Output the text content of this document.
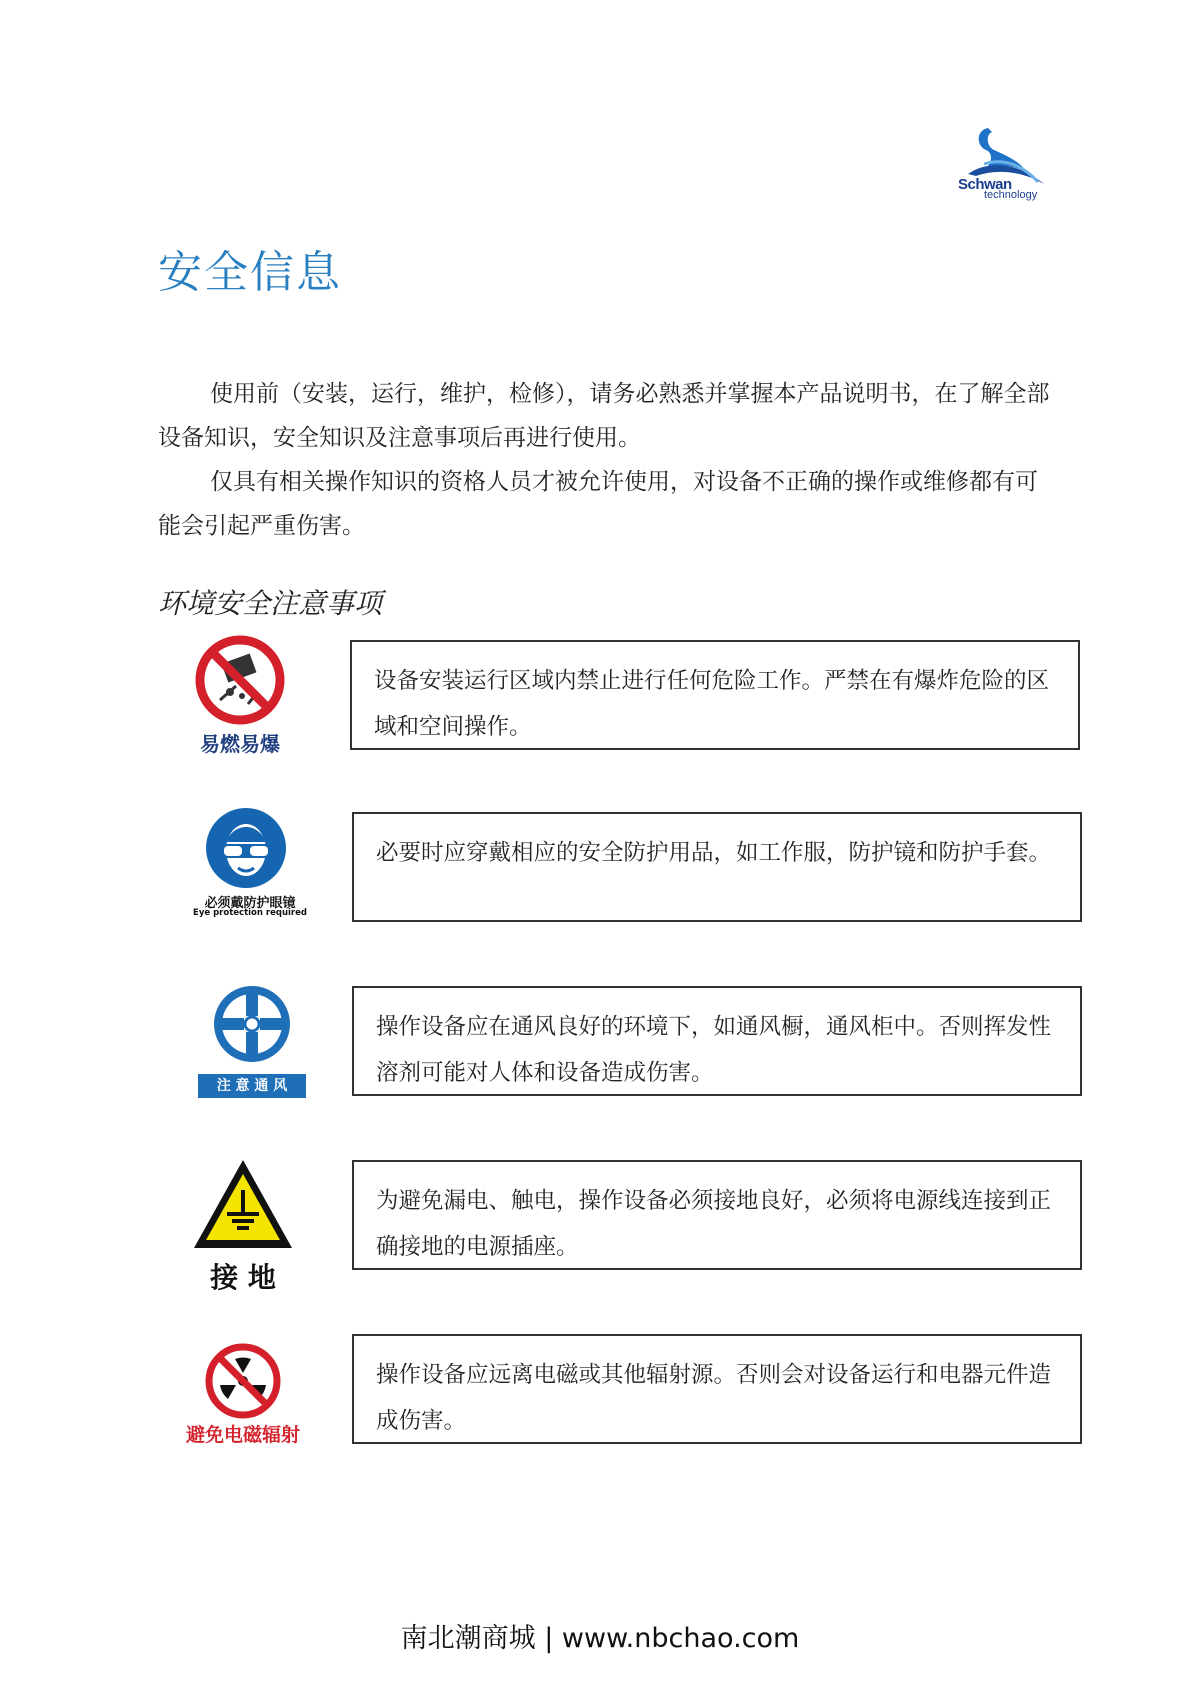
Schwan
technology
安全信息

使用前（安装，运行，维护，检修），请务必熟悉并掌握本产品说明书，在了解全部设备知识，安全知识及注意事项后再进行使用。

仅具有相关操作知识的资格人员才被允许使用，对设备不正确的操作或维修都有可能会引起严重伤害。

环境安全注意事项
易燃易爆
设备安装运行区域内禁止进行任何危险工作。严禁在有爆炸危险的区域和空间操作。
必须戴防护眼镜
Eye protection required
必要时应穿戴相应的安全防护用品，如工作服，防护镜和防护手套。
注 意 通 风
操作设备应在通风良好的环境下，如通风橱，通风柜中。否则挥发性溶剂可能对人体和设备造成伤害。
接 地
为避免漏电、触电，操作设备必须接地良好，必须将电源线连接到正确接地的电源插座。
避免电磁辐射
操作设备应远离电磁或其他辐射源。否则会对设备运行和电器元件造成伤害。
南北潮商城 | www.nbchao.com
